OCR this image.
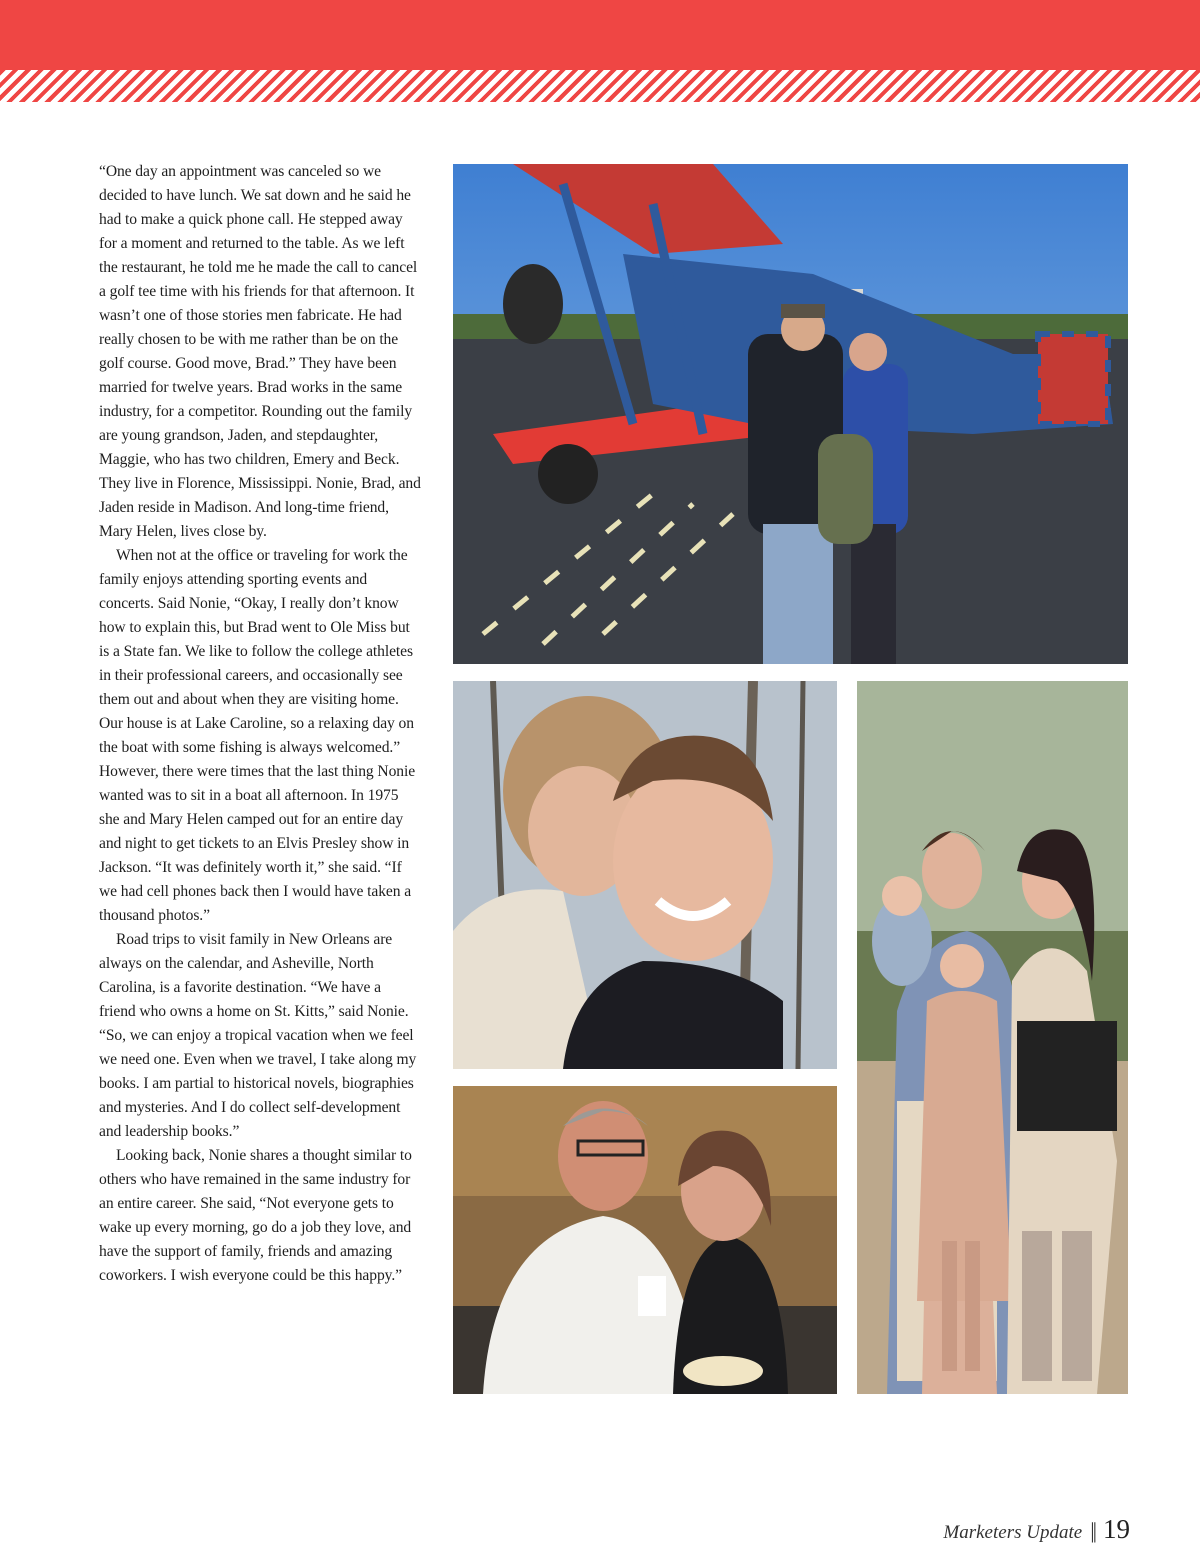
“One day an appointment was canceled so we decided to have lunch. We sat down and he said he had to make a quick phone call. He stepped away for a moment and returned to the table. As we left the restaurant, he told me he made the call to cancel a golf tee time with his friends for that afternoon. It wasn’t one of those stories men fabricate. He had really chosen to be with me rather than be on the golf course. Good move, Brad.” They have been married for twelve years. Brad works in the same industry, for a competitor. Rounding out the family are young grandson, Jaden, and stepdaughter, Maggie, who has two children, Emery and Beck. They live in Florence, Mississippi. Nonie, Brad, and Jaden reside in Madison. And long-time friend, Mary Helen, lives close by.

When not at the office or traveling for work the family enjoys attending sporting events and concerts. Said Nonie, “Okay, I really don’t know how to explain this, but Brad went to Ole Miss but is a State fan. We like to follow the college athletes in their professional careers, and occasionally see them out and about when they are visiting home. Our house is at Lake Caroline, so a relaxing day on the boat with some fishing is always welcomed.” However, there were times that the last thing Nonie wanted was to sit in a boat all afternoon. In 1975 she and Mary Helen camped out for an entire day and night to get tickets to an Elvis Presley show in Jackson. “It was definitely worth it,” she said. “If we had cell phones back then I would have taken a thousand photos.”

Road trips to visit family in New Orleans are always on the calendar, and Asheville, North Carolina, is a favorite destination. “We have a friend who owns a home on St. Kitts,” said Nonie. “So, we can enjoy a tropical vacation when we feel we need one. Even when we travel, I take along my books. I am partial to historical novels, biographies and mysteries. And I do collect self-development and leadership books.”

Looking back, Nonie shares a thought similar to others who have remained in the same industry for an entire career. She said, “Not everyone gets to wake up every morning, go do a job they love, and have the support of family, friends and amazing coworkers. I wish everyone could be this happy.”

Marketers Update || 19
